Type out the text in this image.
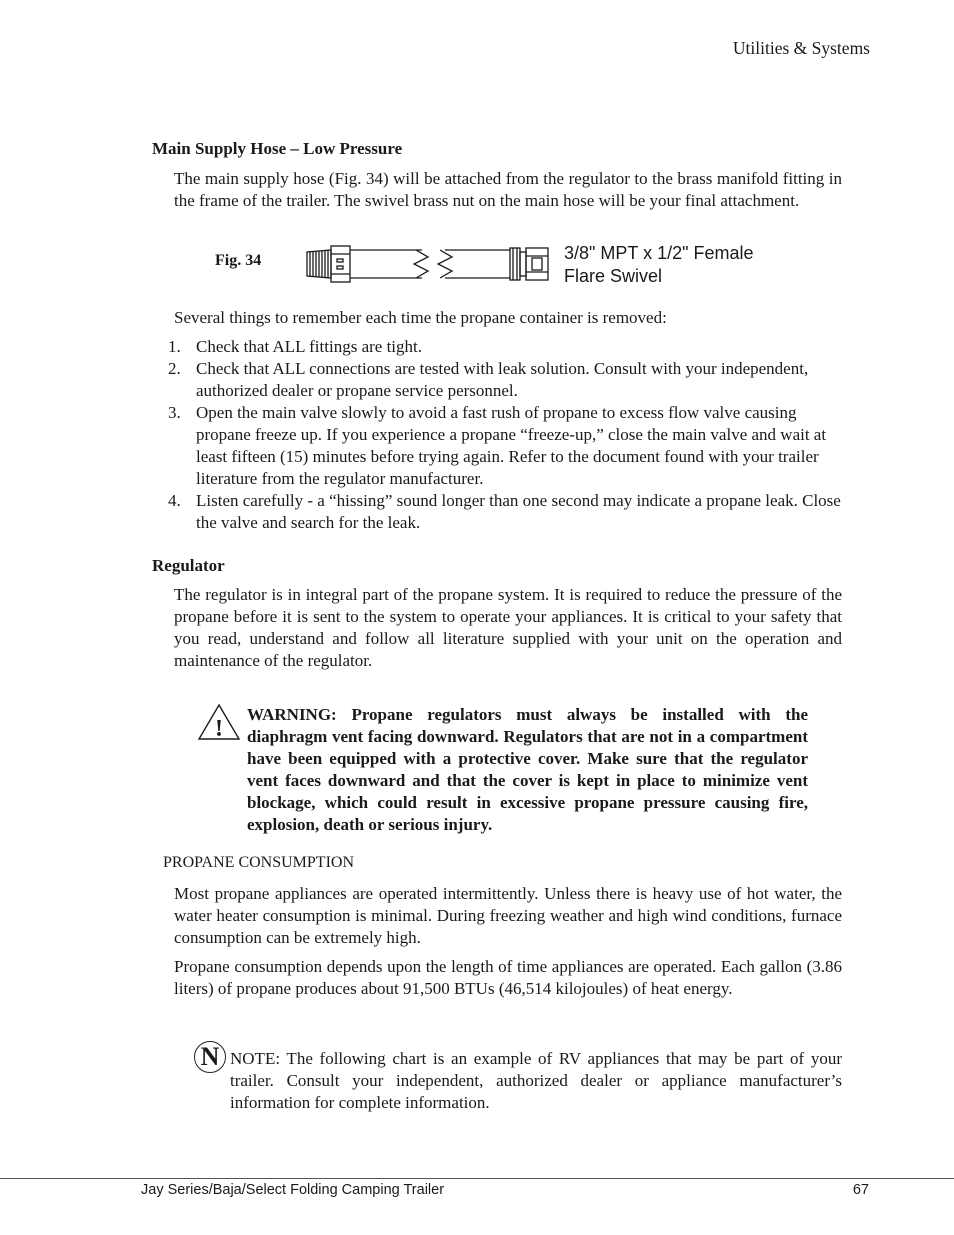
Utilities & Systems
Main Supply Hose – Low Pressure

The main supply hose (Fig. 34) will be attached from the regulator to the brass manifold fitting in the frame of the trailer. The swivel brass nut on the main hose will be your final attachment.

Fig. 34	3/8" MPT x 1/2" Female
Flare Swivel

Several things to remember each time the propane container is removed:

1. Check that ALL fittings are tight.
2. Check that ALL connections are tested with leak solution. Consult with your independent, authorized dealer or propane service personnel.
3. Open the main valve slowly to avoid a fast rush of propane to excess flow valve causing propane freeze up. If you experience a propane “freeze-up,” close the main valve and wait at least fifteen (15) minutes before trying again. Refer to the document found with your trailer literature from the regulator manufacturer.
4. Listen carefully - a “hissing” sound longer than one second may indicate a propane leak. Close the valve and search for the leak.
Regulator

The regulator is in integral part of the propane system. It is required to reduce the pressure of the propane before it is sent to the system to operate your appliances. It is critical to your safety that you read, understand and follow all literature supplied with your unit on the operation and maintenance of the regulator.

!

WARNING: Propane regulators must always be installed with the diaphragm vent facing downward. Regulators that are not in a compartment have been equipped with a protective cover. Make sure that the regulator vent faces downward and that the cover is kept in place to minimize vent blockage, which could result in excessive propane pressure causing fire, explosion, death or serious injury.

PROPANE CONSUMPTION

Most propane appliances are operated intermittently. Unless there is heavy use of hot water, the water heater consumption is minimal. During freezing weather and high wind conditions, furnace consumption can be extremely high.

Propane consumption depends upon the length of time appliances are operated. Each gallon (3.86 liters) of propane produces about 91,500 BTUs (46,514 kilojoules) of heat energy.

N NOTE: The following chart is an example of RV appliances that may be part of your trailer. Consult your independent, authorized dealer or appliance manufacturer’s information for complete information.

Jay Series/Baja/Select Folding Camping Trailer	67
